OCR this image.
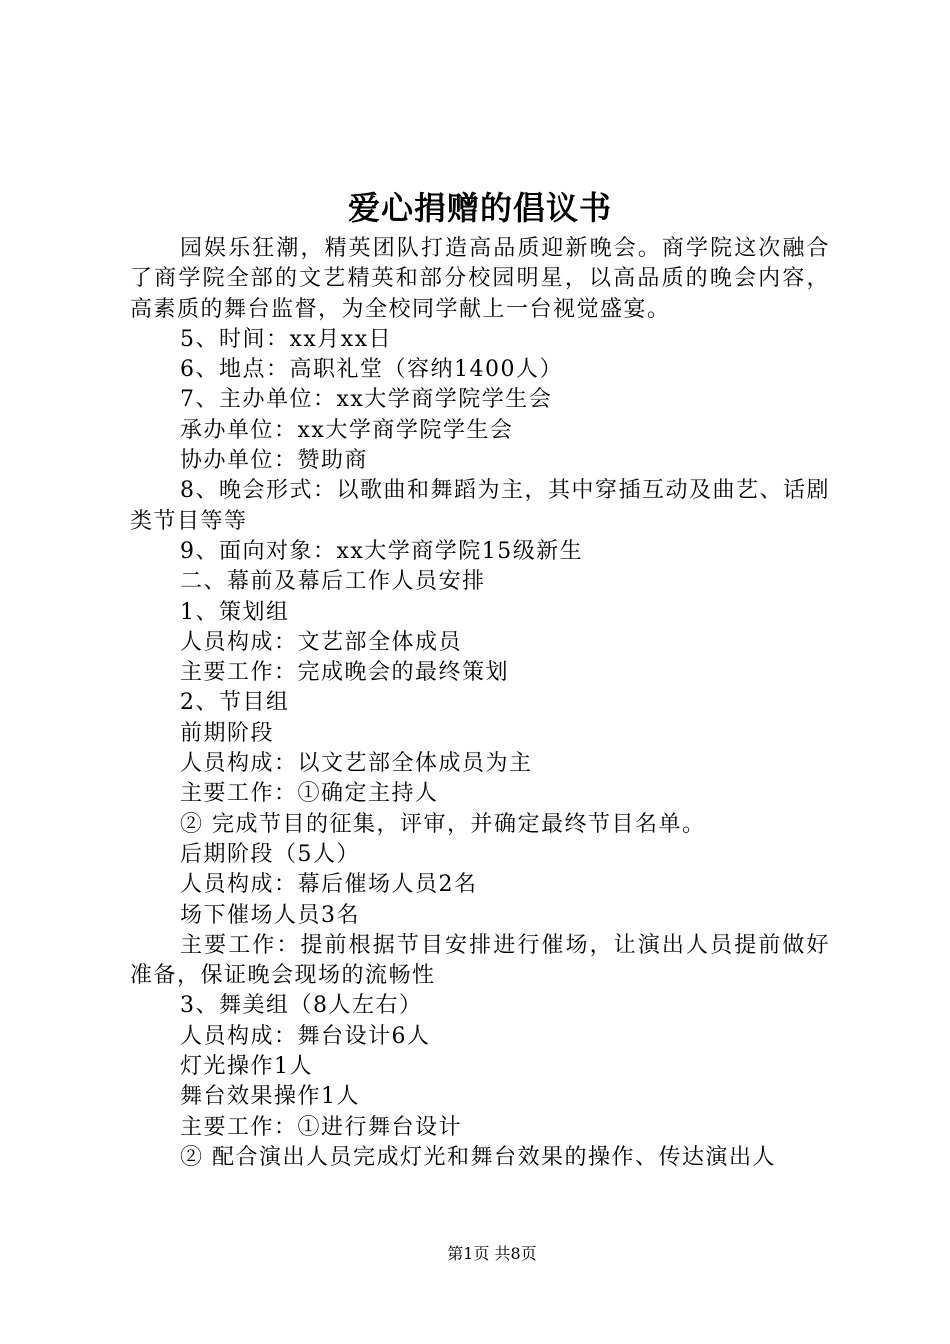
爱心捐赠的倡议书

园娱乐狂潮，精英团队打造高品质迎新晚会。商学院这次融合了商学院全部的文艺精英和部分校园明星，以高品质的晚会内容，高素质的舞台监督，为全校同学献上一台视觉盛宴。

5、时间：xx月xx日

6、地点：高职礼堂（容纳1400人）

7、主办单位：xx大学商学院学生会

承办单位：xx大学商学院学生会

协办单位：赞助商

8、晚会形式：以歌曲和舞蹈为主，其中穿插互动及曲艺、话剧类节目等等

9、面向对象：xx大学商学院15级新生

二、幕前及幕后工作人员安排

1、策划组

人员构成：文艺部全体成员

主要工作：完成晚会的最终策划

2、节目组

前期阶段

人员构成：以文艺部全体成员为主

主要工作：①确定主持人

② 完成节目的征集，评审，并确定最终节目名单。

后期阶段（5人）

人员构成：幕后催场人员2名

场下催场人员3名

主要工作：提前根据节目安排进行催场，让演出人员提前做好准备，保证晚会现场的流畅性

3、舞美组（8人左右）

人员构成：舞台设计6人

灯光操作1人

舞台效果操作1人

主要工作：①进行舞台设计

② 配合演出人员完成灯光和舞台效果的操作、传达演出人

第1页 共8页
